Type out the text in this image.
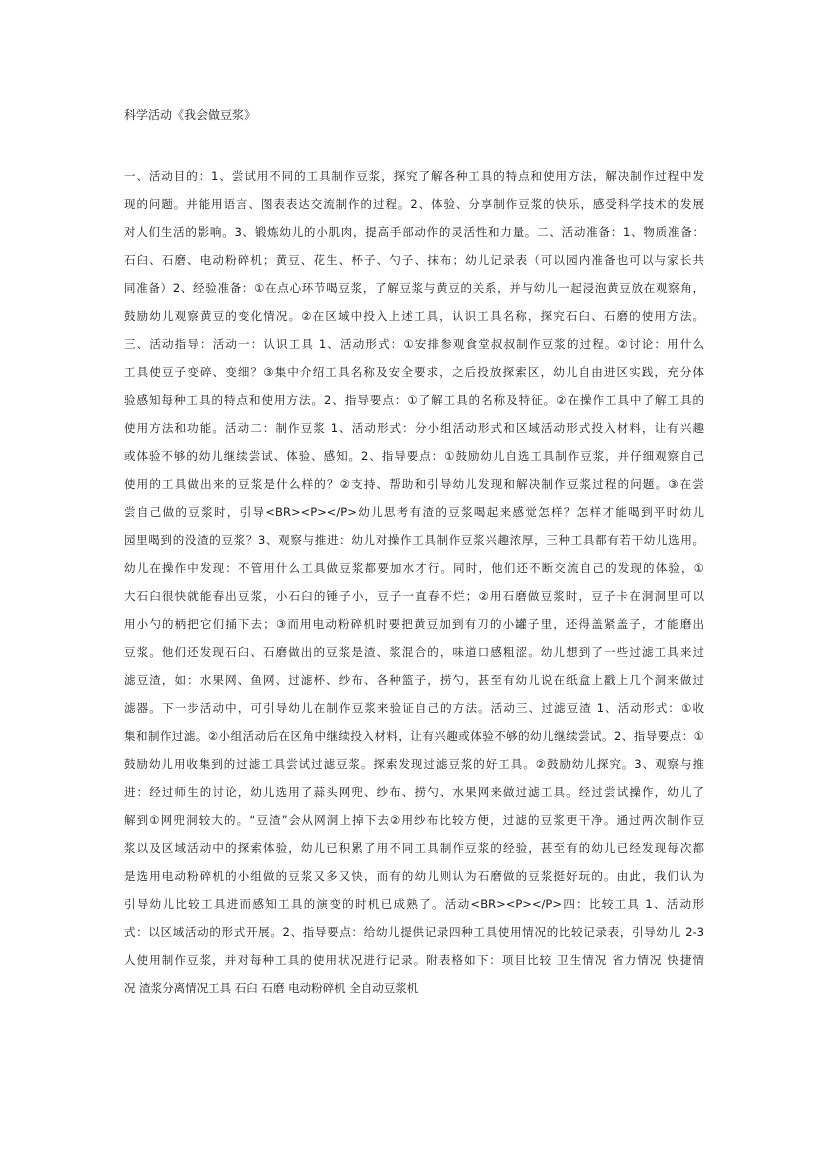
科学活动《我会做豆浆》
一、活动目的：1、尝试用不同的工具制作豆浆，探究了解各种工具的特点和使用方法，解决制作过程中发
现的问题。并能用语言、图表表达交流制作的过程。2、体验、分享制作豆浆的快乐，感受科学技术的发展
对人们生活的影响。3、锻炼幼儿的小肌肉，提高手部动作的灵活性和力量。二、活动准备：1、物质准备：
石臼、石磨、电动粉碎机；黄豆、花生、杯子、勺子、抹布；幼儿记录表（可以园内准备也可以与家长共
同准备）2、经验准备：①在点心环节喝豆浆，了解豆浆与黄豆的关系，并与幼儿一起浸泡黄豆放在观察角，
鼓励幼儿观察黄豆的变化情况。②在区域中投入上述工具，认识工具名称，探究石臼、石磨的使用方法。
三、活动指导：活动一：认识工具 1、活动形式：①安排参观食堂叔叔制作豆浆的过程。②讨论：用什么
工具使豆子变碎、变细？③集中介绍工具名称及安全要求，之后投放探索区，幼儿自由进区实践，充分体
验感知每种工具的特点和使用方法。2、指导要点：①了解工具的名称及特征。②在操作工具中了解工具的
使用方法和功能。活动二：制作豆浆 1、活动形式：分小组活动形式和区域活动形式投入材料，让有兴趣
或体验不够的幼儿继续尝试、体验、感知。2、指导要点：①鼓励幼儿自选工具制作豆浆，并仔细观察自己
使用的工具做出来的豆浆是什么样的？②支持、帮助和引导幼儿发现和解决制作豆浆过程的问题。③在尝
尝自己做的豆浆时，引导<BR><P></P>幼儿思考有渣的豆浆喝起来感觉怎样？怎样才能喝到平时幼儿
园里喝到的没渣的豆浆？3、观察与推进：幼儿对操作工具制作豆浆兴趣浓厚，三种工具都有若干幼儿选用。
幼儿在操作中发现：不管用什么工具做豆浆都要加水才行。同时，他们还不断交流自己的发现的体验，①
大石臼很快就能春出豆浆，小石臼的锤子小，豆子一直春不烂；②用石磨做豆浆时，豆子卡在洞洞里可以
用小勺的柄把它们捅下去；③而用电动粉碎机时要把黄豆加到有刀的小罐子里，还得盖紧盖子，才能磨出
豆浆。他们还发现石臼、石磨做出的豆浆是渣、浆混合的，味道口感粗涩。幼儿想到了一些过滤工具来过
滤豆渣，如：水果网、鱼网、过滤杯、纱布、各种篮子，捞勺，甚至有幼儿说在纸盒上戳上几个洞来做过
滤器。下一步活动中，可引导幼儿在制作豆浆来验证自己的方法。活动三、过滤豆渣 1、活动形式：①收
集和制作过滤。②小组活动后在区角中继续投入材料，让有兴趣或体验不够的幼儿继续尝试。2、指导要点：①
鼓励幼儿用收集到的过滤工具尝试过滤豆浆。探索发现过滤豆浆的好工具。②鼓励幼儿探究。3、观察与推
进：经过师生的讨论，幼儿选用了蒜头网兜、纱布、捞勺、水果网来做过滤工具。经过尝试操作，幼儿了
解到①网兜洞较大的。“豆渣”会从网洞上掉下去②用纱布比较方便，过滤的豆浆更干净。通过两次制作豆
浆以及区域活动中的探索体验，幼儿已积累了用不同工具制作豆浆的经验，甚至有的幼儿已经发现每次都
是选用电动粉碎机的小组做的豆浆又多又快，而有的幼儿则认为石磨做的豆浆挺好玩的。由此，我们认为
引导幼儿比较工具进而感知工具的演变的时机已成熟了。活动<BR><P></P>四：比较工具 1、活动形
式：以区域活动的形式开展。2、指导要点：给幼儿提供记录四种工具使用情况的比较记录表，引导幼儿 2-3
人使用制作豆浆，并对每种工具的使用状况进行记录。附表格如下：项目比较 卫生情况 省力情况 快捷情
况 渣浆分离情况工具 石臼 石磨 电动粉碎机 全自动豆浆机
